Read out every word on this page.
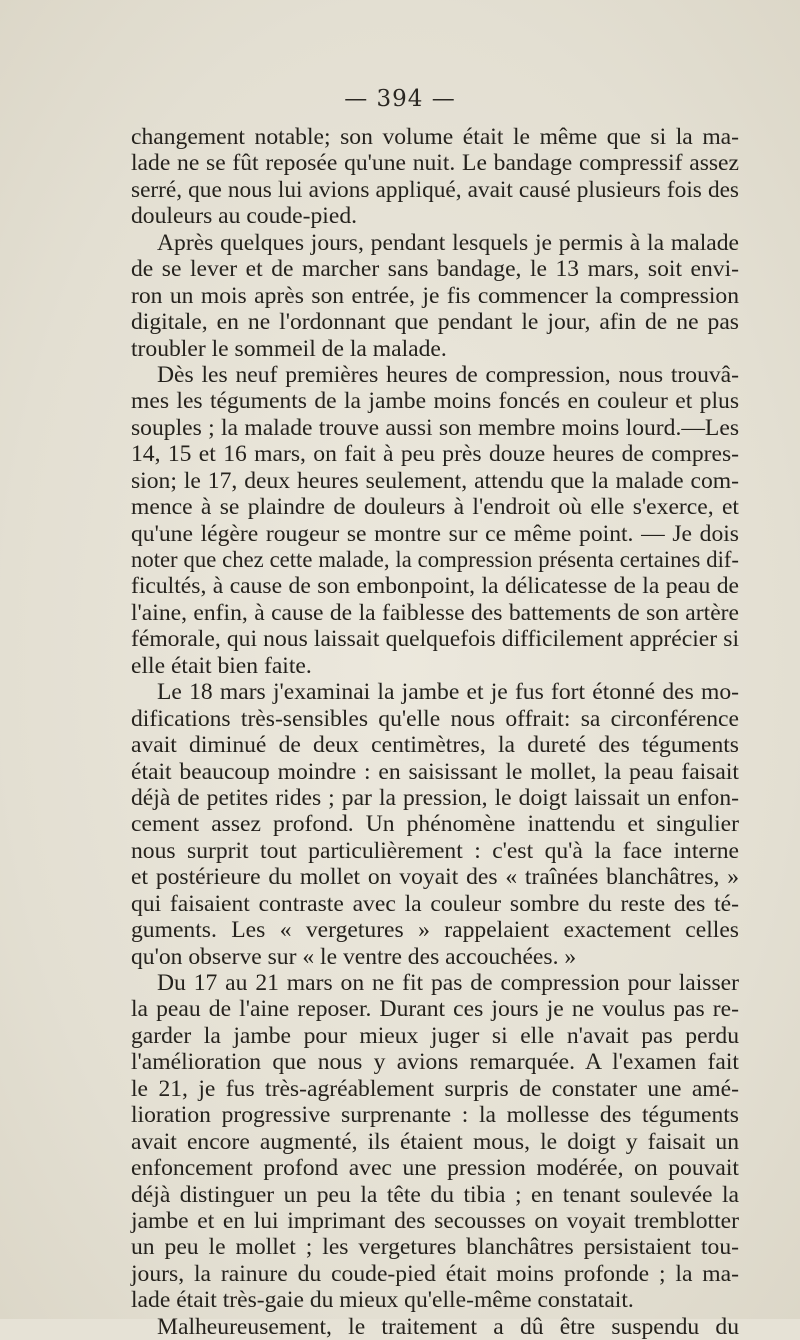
— 394 —
changement notable; son volume était le même que si la ma-
lade ne se fût reposée qu'une nuit. Le bandage compressif assez
serré, que nous lui avions appliqué, avait causé plusieurs fois des
douleurs au coude-pied.
Après quelques jours, pendant lesquels je permis à la malade
de se lever et de marcher sans bandage, le 13 mars, soit envi-
ron un mois après son entrée, je fis commencer la compression
digitale, en ne l'ordonnant que pendant le jour, afin de ne pas
troubler le sommeil de la malade.
Dès les neuf premières heures de compression, nous trouvâ-
mes les téguments de la jambe moins foncés en couleur et plus
souples ; la malade trouve aussi son membre moins lourd.—Les
14, 15 et 16 mars, on fait à peu près douze heures de compres-
sion; le 17, deux heures seulement, attendu que la malade com-
mence à se plaindre de douleurs à l'endroit où elle s'exerce, et
qu'une légère rougeur se montre sur ce même point. — Je dois
noter que chez cette malade, la compression présenta certaines dif-
ficultés, à cause de son embonpoint, la délicatesse de la peau de
l'aine, enfin, à cause de la faiblesse des battements de son artère
fémorale, qui nous laissait quelquefois difficilement apprécier si
elle était bien faite.
Le 18 mars j'examinai la jambe et je fus fort étonné des mo-
difications très-sensibles qu'elle nous offrait: sa circonférence
avait diminué de deux centimètres, la dureté des téguments
était beaucoup moindre : en saisissant le mollet, la peau faisait
déjà de petites rides ; par la pression, le doigt laissait un enfon-
cement assez profond. Un phénomène inattendu et singulier
nous surprit tout particulièrement : c'est qu'à la face interne
et postérieure du mollet on voyait des « traînées blanchâtres, »
qui faisaient contraste avec la couleur sombre du reste des té-
guments. Les « vergetures » rappelaient exactement celles
qu'on observe sur « le ventre des accouchées. »
Du 17 au 21 mars on ne fit pas de compression pour laisser
la peau de l'aine reposer. Durant ces jours je ne voulus pas re-
garder la jambe pour mieux juger si elle n'avait pas perdu
l'amélioration que nous y avions remarquée. A l'examen fait
le 21, je fus très-agréablement surpris de constater une amé-
lioration progressive surprenante : la mollesse des téguments
avait encore augmenté, ils étaient mous, le doigt y faisait un
enfoncement profond avec une pression modérée, on pouvait
déjà distinguer un peu la tête du tibia ; en tenant soulevée la
jambe et en lui imprimant des secousses on voyait tremblotter
un peu le mollet ; les vergetures blanchâtres persistaient tou-
jours, la rainure du coude-pied était moins profonde ; la ma-
lade était très-gaie du mieux qu'elle-même constatait.
Malheureusement, le traitement a dû être suspendu du
